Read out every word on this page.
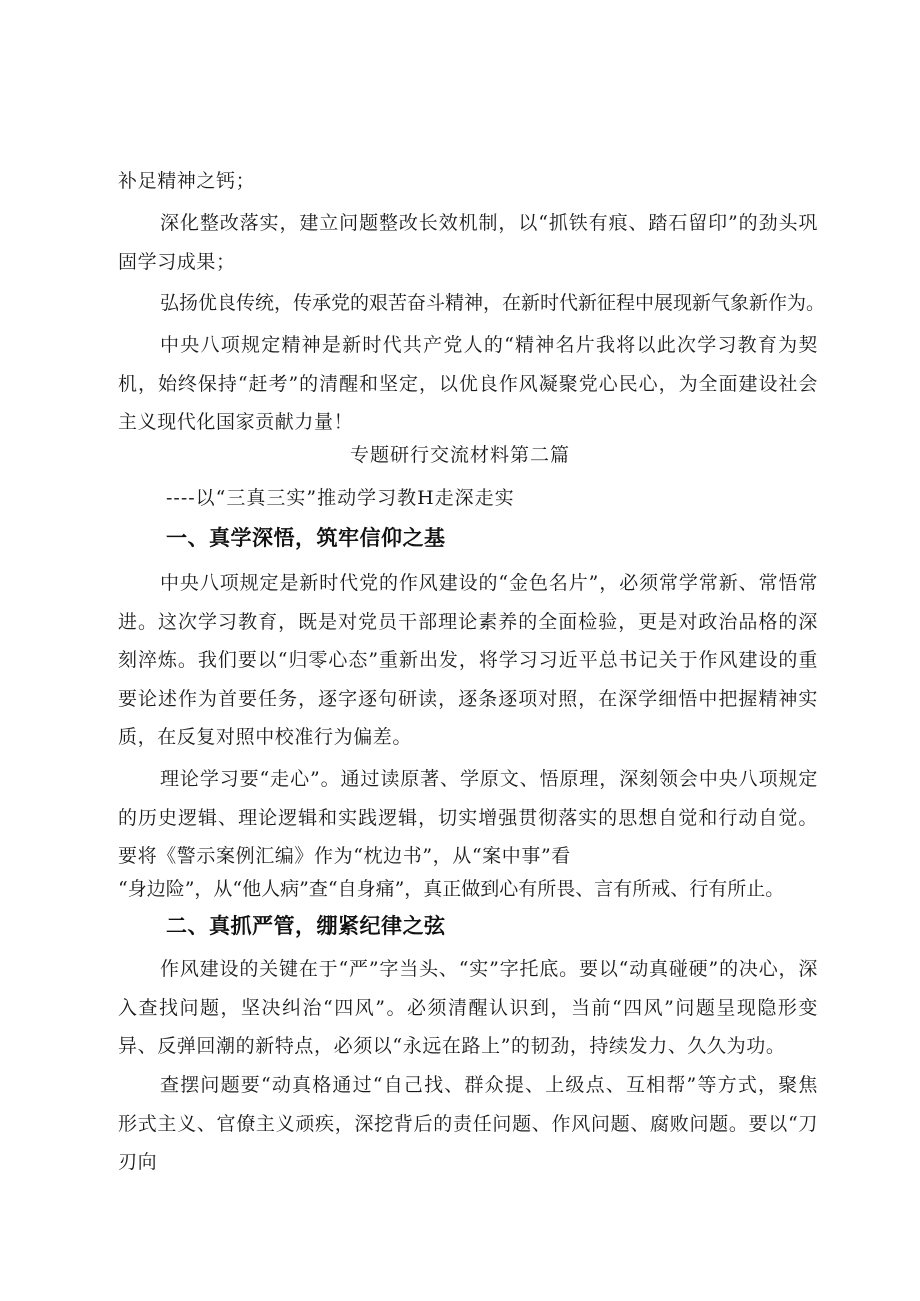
补足精神之钙；

深化整改落实，建立问题整改长效机制，以“抓铁有痕、踏石留印”的劲头巩固学习成果；

弘扬优良传统，传承党的艰苦奋斗精神，在新时代新征程中展现新气象新作为。

中央八项规定精神是新时代共产党人的“精神名片我将以此次学习教育为契机，始终保持“赶考”的清醒和坚定，以优良作风凝聚党心民心，为全面建设社会主义现代化国家贡献力量！

专题研行交流材料第二篇

----以“三真三实”推动学习教H走深走实

一、真学深悟，筑牢信仰之基

中央八项规定是新时代党的作风建设的“金色名片”，必须常学常新、常悟常进。这次学习教育，既是对党员干部理论素养的全面检验，更是对政治品格的深刻淬炼。我们要以“归零心态”重新出发，将学习习近平总书记关于作风建设的重要论述作为首要任务，逐字逐句研读，逐条逐项对照，在深学细悟中把握精神实质，在反复对照中校准行为偏差。

理论学习要“走心”。通过读原著、学原文、悟原理，深刻领会中央八项规定的历史逻辑、理论逻辑和实践逻辑，切实增强贯彻落实的思想自觉和行动自觉。要将《警示案例汇编》作为“枕边书”，从“案中事”看

“身边险”，从“他人病”查“自身痛”，真正做到心有所畏、言有所戒、行有所止。

二、真抓严管，绷紧纪律之弦

作风建设的关键在于“严”字当头、“实”字托底。要以“动真碰硬”的决心，深入查找问题，坚决纠治“四风”。必须清醒认识到，当前“四风”问题呈现隐形变异、反弹回潮的新特点，必须以“永远在路上”的韧劲，持续发力、久久为功。

查摆问题要“动真格通过“自己找、群众提、上级点、互相帮”等方式，聚焦形式主义、官僚主义顽疾，深挖背后的责任问题、作风问题、腐败问题。要以“刀刃向
